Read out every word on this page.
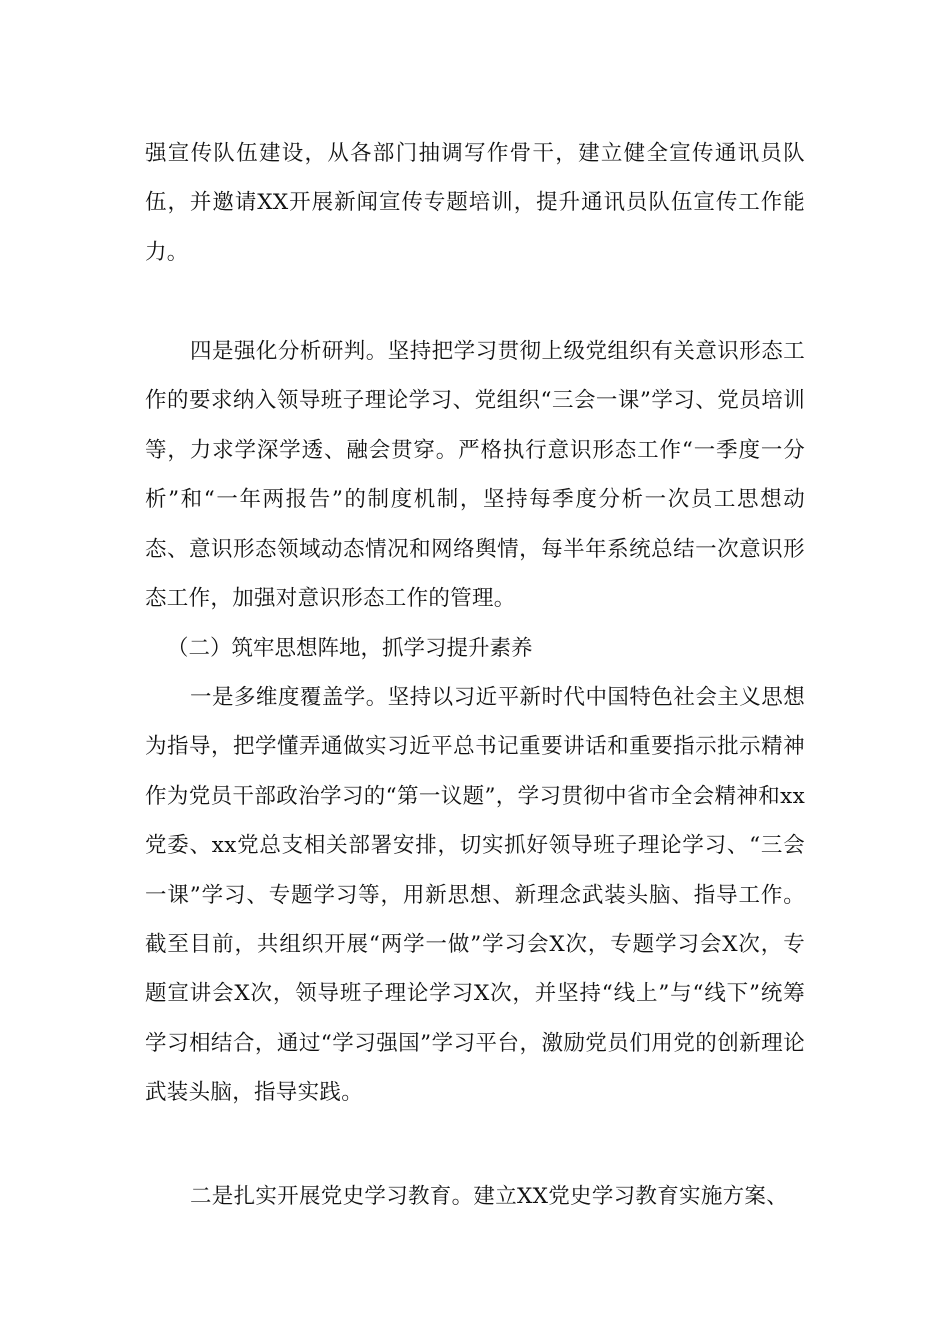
强宣传队伍建设，从各部门抽调写作骨干，建立健全宣传通讯员队伍，并邀请XX开展新闻宣传专题培训，提升通讯员队伍宣传工作能力。

四是强化分析研判。坚持把学习贯彻上级党组织有关意识形态工作的要求纳入领导班子理论学习、党组织“三会一课”学习、党员培训等，力求学深学透、融会贯穿。严格执行意识形态工作“一季度一分析”和“一年两报告”的制度机制，坚持每季度分析一次员工思想动态、意识形态领域动态情况和网络舆情，每半年系统总结一次意识形态工作，加强对意识形态工作的管理。

（二）筑牢思想阵地，抓学习提升素养

一是多维度覆盖学。坚持以习近平新时代中国特色社会主义思想为指导，把学懂弄通做实习近平总书记重要讲话和重要指示批示精神作为党员干部政治学习的“第一议题”，学习贯彻中省市全会精神和xx党委、xx党总支相关部署安排，切实抓好领导班子理论学习、“三会一课”学习、专题学习等，用新思想、新理念武装头脑、指导工作。截至目前，共组织开展“两学一做”学习会X次，专题学习会X次，专题宣讲会X次，领导班子理论学习X次，并坚持“线上”与“线下”统筹学习相结合，通过“学习强国”学习平台，激励党员们用党的创新理论武装头脑，指导实践。

二是扎实开展党史学习教育。建立XX党史学习教育实施方案、
